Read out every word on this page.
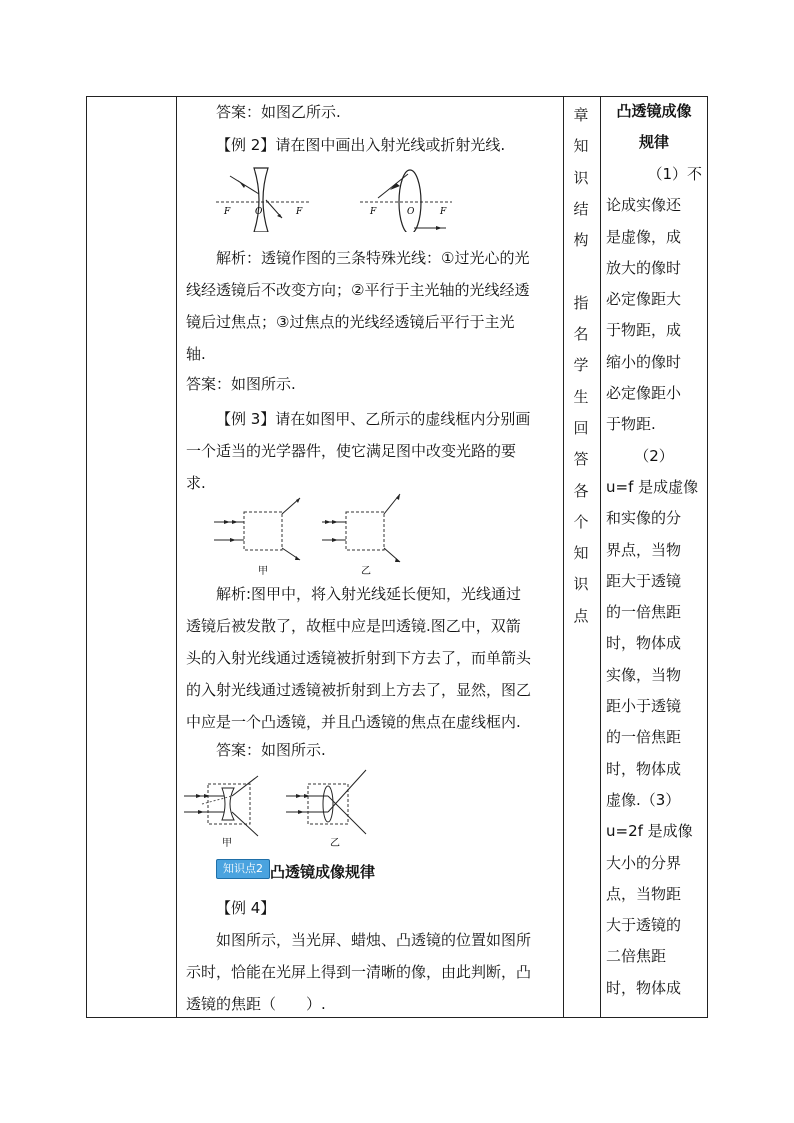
答案：如图乙所示.
【例 2】请在图中画出入射光线或折射光线.
F	O	F	F	O	F
解析：透镜作图的三条特殊光线：①过光心的光
线经透镜后不改变方向；②平行于主光轴的光线经透
镜后过焦点；③过焦点的光线经透镜后平行于主光
轴.
答案：如图所示.
【例 3】请在如图甲、乙所示的虚线框内分别画
一个适当的光学器件，使它满足图中改变光路的要
求.
甲	乙
解析:图甲中，将入射光线延长便知，光线通过
透镜后被发散了，故框中应是凹透镜.图乙中，双箭
头的入射光线通过透镜被折射到下方去了，而单箭头
的入射光线通过透镜被折射到上方去了，显然，图乙
中应是一个凸透镜，并且凸透镜的焦点在虚线框内.
答案：如图所示.
甲	乙
知识点2 凸透镜成像规律
【例 4】
如图所示，当光屏、蜡烛、凸透镜的位置如图所
示时，恰能在光屏上得到一清晰的像，由此判断，凸
透镜的焦距（　　）.
章
知
识
结
构
指
名
学
生
回
答
各
个
知
识
点
凸透镜成像
规律
（1）不
论成实像还
是虚像，成
放大的像时
必定像距大
于物距，成
缩小的像时
必定像距小
于物距.
（2）
u=f 是成虚像
和实像的分
界点，当物
距大于透镜
的一倍焦距
时，物体成
实像，当物
距小于透镜
的一倍焦距
时，物体成
虚像.（3）
u=2f 是成像
大小的分界
点，当物距
大于透镜的
二倍焦距
时，物体成
